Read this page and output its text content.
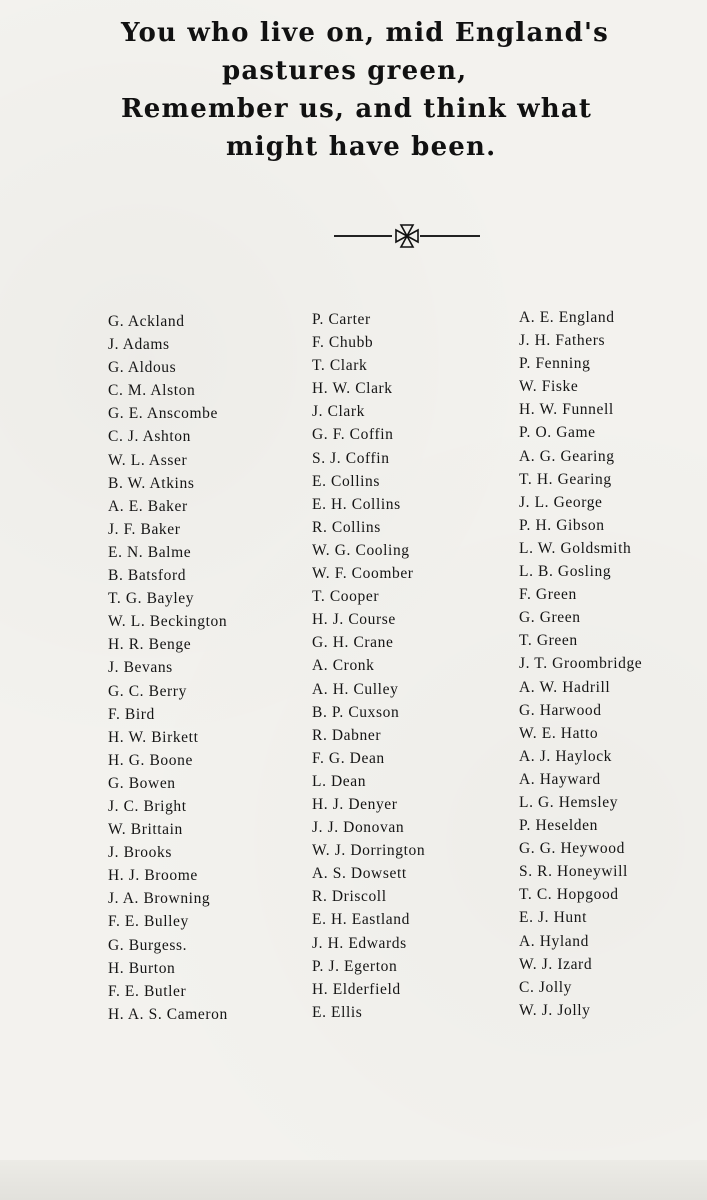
You who live on, mid England's
pastures green,
Remember us, and think what
might have been.
G. Ackland
J. Adams
G. Aldous
C. M. Alston
G. E. Anscombe
C. J. Ashton
W. L. Asser
B. W. Atkins
A. E. Baker
J. F. Baker
E. N. Balme
B. Batsford
T. G. Bayley
W. L. Beckington
H. R. Benge
J. Bevans
G. C. Berry
F. Bird
H. W. Birkett
H. G. Boone
G. Bowen
J. C. Bright
W. Brittain
J. Brooks
H. J. Broome
J. A. Browning
F. E. Bulley
G. Burgess.
H. Burton
F. E. Butler
H. A. S. Cameron
P. Carter
F. Chubb
T. Clark
H. W. Clark
J. Clark
G. F. Coffin
S. J. Coffin
E. Collins
E. H. Collins
R. Collins
W. G. Cooling
W. F. Coomber
T. Cooper
H. J. Course
G. H. Crane
A. Cronk
A. H. Culley
B. P. Cuxson
R. Dabner
F. G. Dean
L. Dean
H. J. Denyer
J. J. Donovan
W. J. Dorrington
A. S. Dowsett
R. Driscoll
E. H. Eastland
J. H. Edwards
P. J. Egerton
H. Elderfield
E. Ellis
A. E. England
J. H. Fathers
P. Fenning
W. Fiske
H. W. Funnell
P. O. Game
A. G. Gearing
T. H. Gearing
J. L. George
P. H. Gibson
L. W. Goldsmith
L. B. Gosling
F. Green
G. Green
T. Green
J. T. Groombridge
A. W. Hadrill
G. Harwood
W. E. Hatto
A. J. Haylock
A. Hayward
L. G. Hemsley
P. Heselden
G. G. Heywood
S. R. Honeywill
T. C. Hopgood
E. J. Hunt
A. Hyland
W. J. Izard
C. Jolly
W. J. Jolly
